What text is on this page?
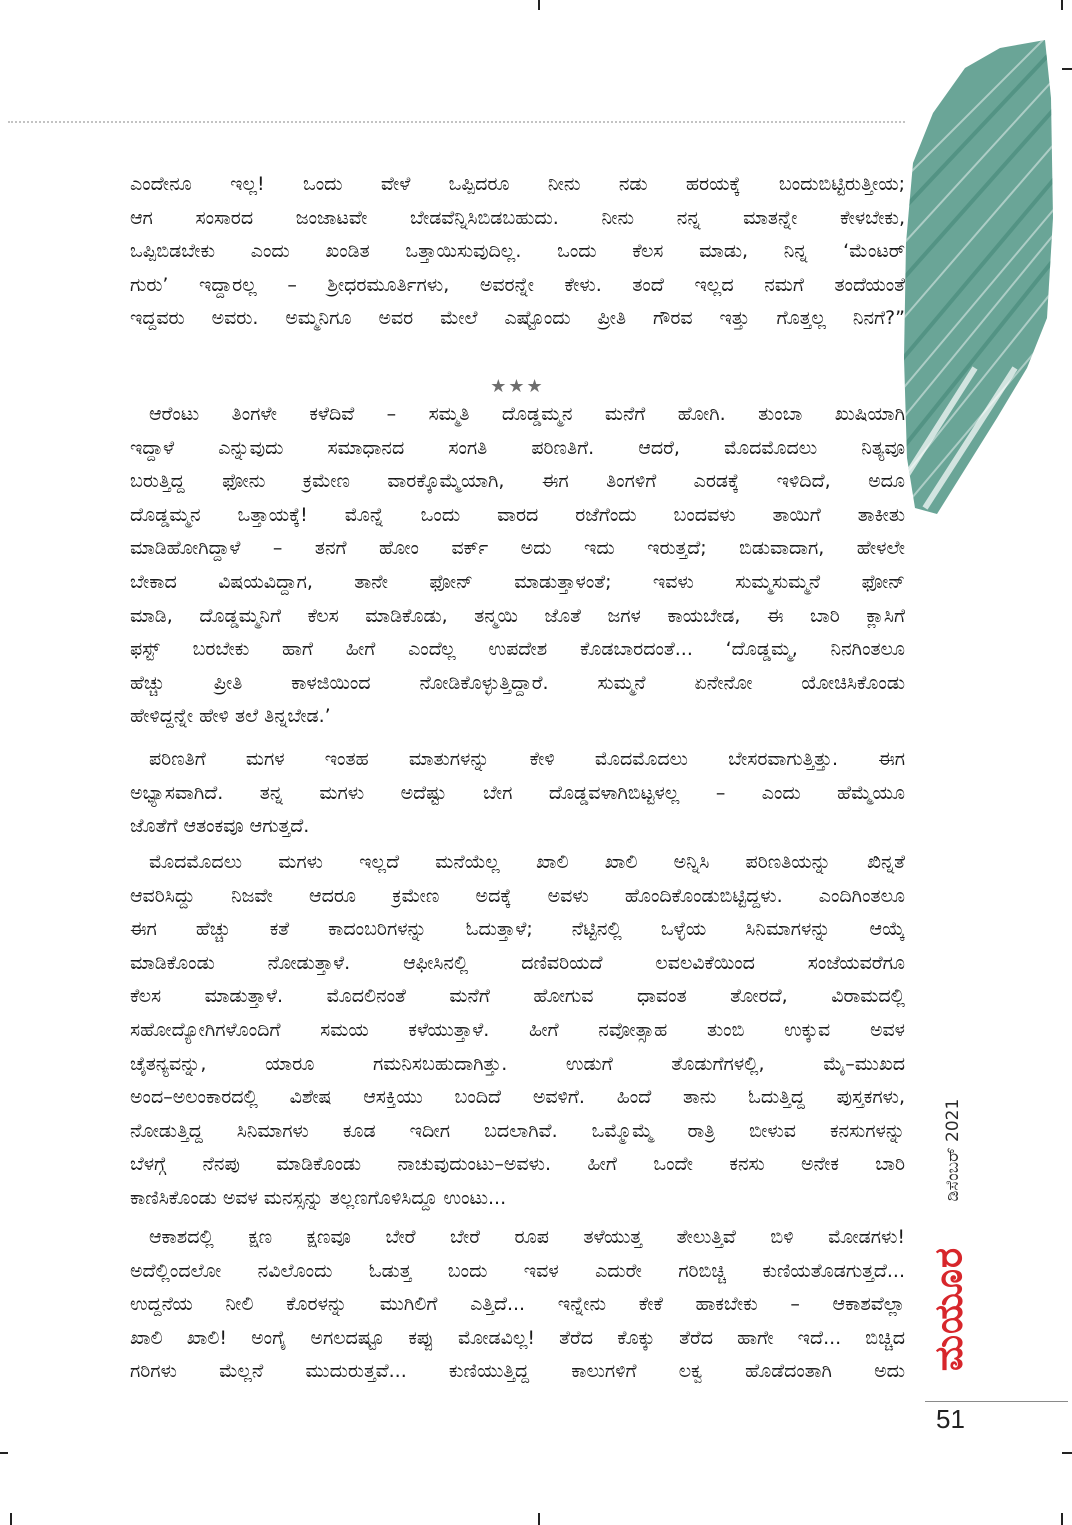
ಎಂದೇನೂ ಇಲ್ಲ! ಒಂದು ವೇಳೆ ಒಪ್ಪಿದರೂ ನೀನು ನಡು ಹರಯಕ್ಕೆ ಬಂದುಬಿಟ್ಟಿರುತ್ತೀಯ;
ಆಗ ಸಂಸಾರದ ಜಂಜಾಟವೇ ಬೇಡವೆನ್ನಿಸಿಬಿಡಬಹುದು. ನೀನು ನನ್ನ ಮಾತನ್ನೇ ಕೇಳಬೇಕು,
ಒಪ್ಪಿಬಿಡಬೇಕು ಎಂದು ಖಂಡಿತ ಒತ್ತಾಯಿಸುವುದಿಲ್ಲ. ಒಂದು ಕೆಲಸ ಮಾಡು, ನಿನ್ನ ‘ಮೆಂಟರ್
ಗುರು’ ಇದ್ದಾರಲ್ಲ – ಶ್ರೀಧರಮೂರ್ತಿಗಳು, ಅವರನ್ನೇ ಕೇಳು. ತಂದೆ ಇಲ್ಲದ ನಮಗೆ ತಂದೆಯಂತೆ
ಇದ್ದವರು ಅವರು. ಅಮ್ಮನಿಗೂ ಅವರ ಮೇಲೆ ಎಷ್ಟೊಂದು ಪ್ರೀತಿ ಗೌರವ ಇತ್ತು ಗೊತ್ತಲ್ಲ ನಿನಗೆ?”
★★★
ಆರೆಂಟು ತಿಂಗಳೇ ಕಳೆದಿವೆ – ಸಮ್ಮತಿ ದೊಡ್ಡಮ್ಮನ ಮನೆಗೆ ಹೋಗಿ. ತುಂಬಾ ಖುಷಿಯಾಗಿ
ಇದ್ದಾಳೆ ಎನ್ನುವುದು ಸಮಾಧಾನದ ಸಂಗತಿ ಪರಿಣತಿಗೆ. ಆದರೆ, ಮೊದಮೊದಲು ನಿತ್ಯವೂ
ಬರುತ್ತಿದ್ದ ಫೋನು ಕ್ರಮೇಣ ವಾರಕ್ಕೊಮ್ಮೆಯಾಗಿ, ಈಗ ತಿಂಗಳಿಗೆ ಎರಡಕ್ಕೆ ಇಳಿದಿದೆ, ಅದೂ
ದೊಡ್ಡಮ್ಮನ ಒತ್ತಾಯಕ್ಕೆ! ಮೊನ್ನೆ ಒಂದು ವಾರದ ರಜೆಗೆಂದು ಬಂದವಳು ತಾಯಿಗೆ ತಾಕೀತು
ಮಾಡಿಹೋಗಿದ್ದಾಳೆ – ತನಗೆ ಹೋಂ ವರ್ಕ್ ಅದು ಇದು ಇರುತ್ತದೆ; ಬಿಡುವಾದಾಗ, ಹೇಳಲೇ
ಬೇಕಾದ ವಿಷಯವಿದ್ದಾಗ, ತಾನೇ ಫೋನ್ ಮಾಡುತ್ತಾಳಂತೆ; ಇವಳು ಸುಮ್ಮಸುಮ್ಮನೆ ಫೋನ್
ಮಾಡಿ, ದೊಡ್ಡಮ್ಮನಿಗೆ ಕೆಲಸ ಮಾಡಿಕೊಡು, ತನ್ಮಯಿ ಜೊತೆ ಜಗಳ ಕಾಯಬೇಡ, ಈ ಬಾರಿ ಕ್ಲಾಸಿಗೆ
ಫಸ್ಟ್ ಬರಬೇಕು ಹಾಗೆ ಹೀಗೆ ಎಂದೆಲ್ಲ ಉಪದೇಶ ಕೊಡಬಾರದಂತೆ... ‘ದೊಡ್ಡಮ್ಮ, ನಿನಗಿಂತಲೂ
ಹೆಚ್ಚು ಪ್ರೀತಿ ಕಾಳಜಿಯಿಂದ ನೋಡಿಕೊಳ್ಳುತ್ತಿದ್ದಾರೆ. ಸುಮ್ಮನೆ ಏನೇನೋ ಯೋಚಿಸಿಕೊಂಡು
ಹೇಳಿದ್ದನ್ನೇ ಹೇಳಿ ತಲೆ ತಿನ್ನಬೇಡ.’
ಪರಿಣತಿಗೆ ಮಗಳ ಇಂತಹ ಮಾತುಗಳನ್ನು ಕೇಳಿ ಮೊದಮೊದಲು ಬೇಸರವಾಗುತ್ತಿತ್ತು. ಈಗ
ಅಭ್ಯಾಸವಾಗಿದೆ. ತನ್ನ ಮಗಳು ಅದೆಷ್ಟು ಬೇಗ ದೊಡ್ಡವಳಾಗಿಬಿಟ್ಟಳಲ್ಲ – ಎಂದು ಹೆಮ್ಮೆಯೂ
ಜೊತೆಗೆ ಆತಂಕವೂ ಆಗುತ್ತದೆ.
ಮೊದಮೊದಲು ಮಗಳು ಇಲ್ಲದೆ ಮನೆಯೆಲ್ಲ ಖಾಲಿ ಖಾಲಿ ಅನ್ನಿಸಿ ಪರಿಣತಿಯನ್ನು ಖಿನ್ನತೆ
ಆವರಿಸಿದ್ದು ನಿಜವೇ ಆದರೂ ಕ್ರಮೇಣ ಅದಕ್ಕೆ ಅವಳು ಹೊಂದಿಕೊಂಡುಬಿಟ್ಟಿದ್ದಳು. ಎಂದಿಗಿಂತಲೂ
ಈಗ ಹೆಚ್ಚು ಕತೆ ಕಾದಂಬರಿಗಳನ್ನು ಓದುತ್ತಾಳೆ; ನೆಟ್ಟಿನಲ್ಲಿ ಒಳ್ಳೆಯ ಸಿನಿಮಾಗಳನ್ನು ಆಯ್ಕೆ
ಮಾಡಿಕೊಂಡು ನೋಡುತ್ತಾಳೆ. ಆಫೀಸಿನಲ್ಲಿ ದಣಿವರಿಯದೆ ಲವಲವಿಕೆಯಿಂದ ಸಂಜೆಯವರೆಗೂ
ಕೆಲಸ ಮಾಡುತ್ತಾಳೆ. ಮೊದಲಿನಂತೆ ಮನೆಗೆ ಹೋಗುವ ಧಾವಂತ ತೋರದೆ, ವಿರಾಮದಲ್ಲಿ
ಸಹೋದ್ಯೋಗಿಗಳೊಂದಿಗೆ ಸಮಯ ಕಳೆಯುತ್ತಾಳೆ. ಹೀಗೆ ನವೋತ್ಸಾಹ ತುಂಬಿ ಉಕ್ಕುವ ಅವಳ
ಚೈತನ್ಯವನ್ನು, ಯಾರೂ ಗಮನಿಸಬಹುದಾಗಿತ್ತು. ಉಡುಗೆ ತೊಡುಗೆಗಳಲ್ಲಿ, ಮೈ–ಮುಖದ
ಅಂದ–ಅಲಂಕಾರದಲ್ಲಿ ವಿಶೇಷ ಆಸಕ್ತಿಯು ಬಂದಿದೆ ಅವಳಿಗೆ. ಹಿಂದೆ ತಾನು ಓದುತ್ತಿದ್ದ ಪುಸ್ತಕಗಳು,
ನೋಡುತ್ತಿದ್ದ ಸಿನಿಮಾಗಳು ಕೂಡ ಇದೀಗ ಬದಲಾಗಿವೆ. ಒಮ್ಮೊಮ್ಮೆ ರಾತ್ರಿ ಬೀಳುವ ಕನಸುಗಳನ್ನು
ಬೆಳಗ್ಗೆ ನೆನಪು ಮಾಡಿಕೊಂಡು ನಾಚುವುದುಂಟು–ಅವಳು. ಹೀಗೆ ಒಂದೇ ಕನಸು ಅನೇಕ ಬಾರಿ
ಕಾಣಿಸಿಕೊಂಡು ಅವಳ ಮನಸ್ಸನ್ನು ತಲ್ಲಣಗೊಳಿಸಿದ್ದೂ ಉಂಟು...
ಆಕಾಶದಲ್ಲಿ ಕ್ಷಣ ಕ್ಷಣವೂ ಬೇರೆ ಬೇರೆ ರೂಪ ತಳೆಯುತ್ತ ತೇಲುತ್ತಿವೆ ಬಿಳಿ ಮೋಡಗಳು!
ಅದೆಲ್ಲಿಂದಲೋ ನವಿಲೊಂದು ಓಡುತ್ತ ಬಂದು ಇವಳ ಎದುರೇ ಗರಿಬಿಚ್ಚಿ ಕುಣಿಯತೊಡಗುತ್ತದೆ...
ಉದ್ದನೆಯ ನೀಲಿ ಕೊರಳನ್ನು ಮುಗಿಲಿಗೆ ಎತ್ತಿದೆ... ಇನ್ನೇನು ಕೇಕೆ ಹಾಕಬೇಕು – ಆಕಾಶವೆಲ್ಲಾ
ಖಾಲಿ ಖಾಲಿ! ಅಂಗೈ ಅಗಲದಷ್ಟೂ ಕಪ್ಪು ಮೋಡವಿಲ್ಲ! ತೆರೆದ ಕೊಕ್ಕು ತೆರೆದ ಹಾಗೇ ಇದೆ... ಬಿಚ್ಚಿದ
ಗರಿಗಳು ಮೆಲ್ಲನೆ ಮುದುರುತ್ತವೆ... ಕುಣಿಯುತ್ತಿದ್ದ ಕಾಲುಗಳಿಗೆ ಲಕ್ವ ಹೊಡೆದಂತಾಗಿ ಅದು
ಡಿಸೆಂಬರ್ 2021
ಮಯೂರ
51
